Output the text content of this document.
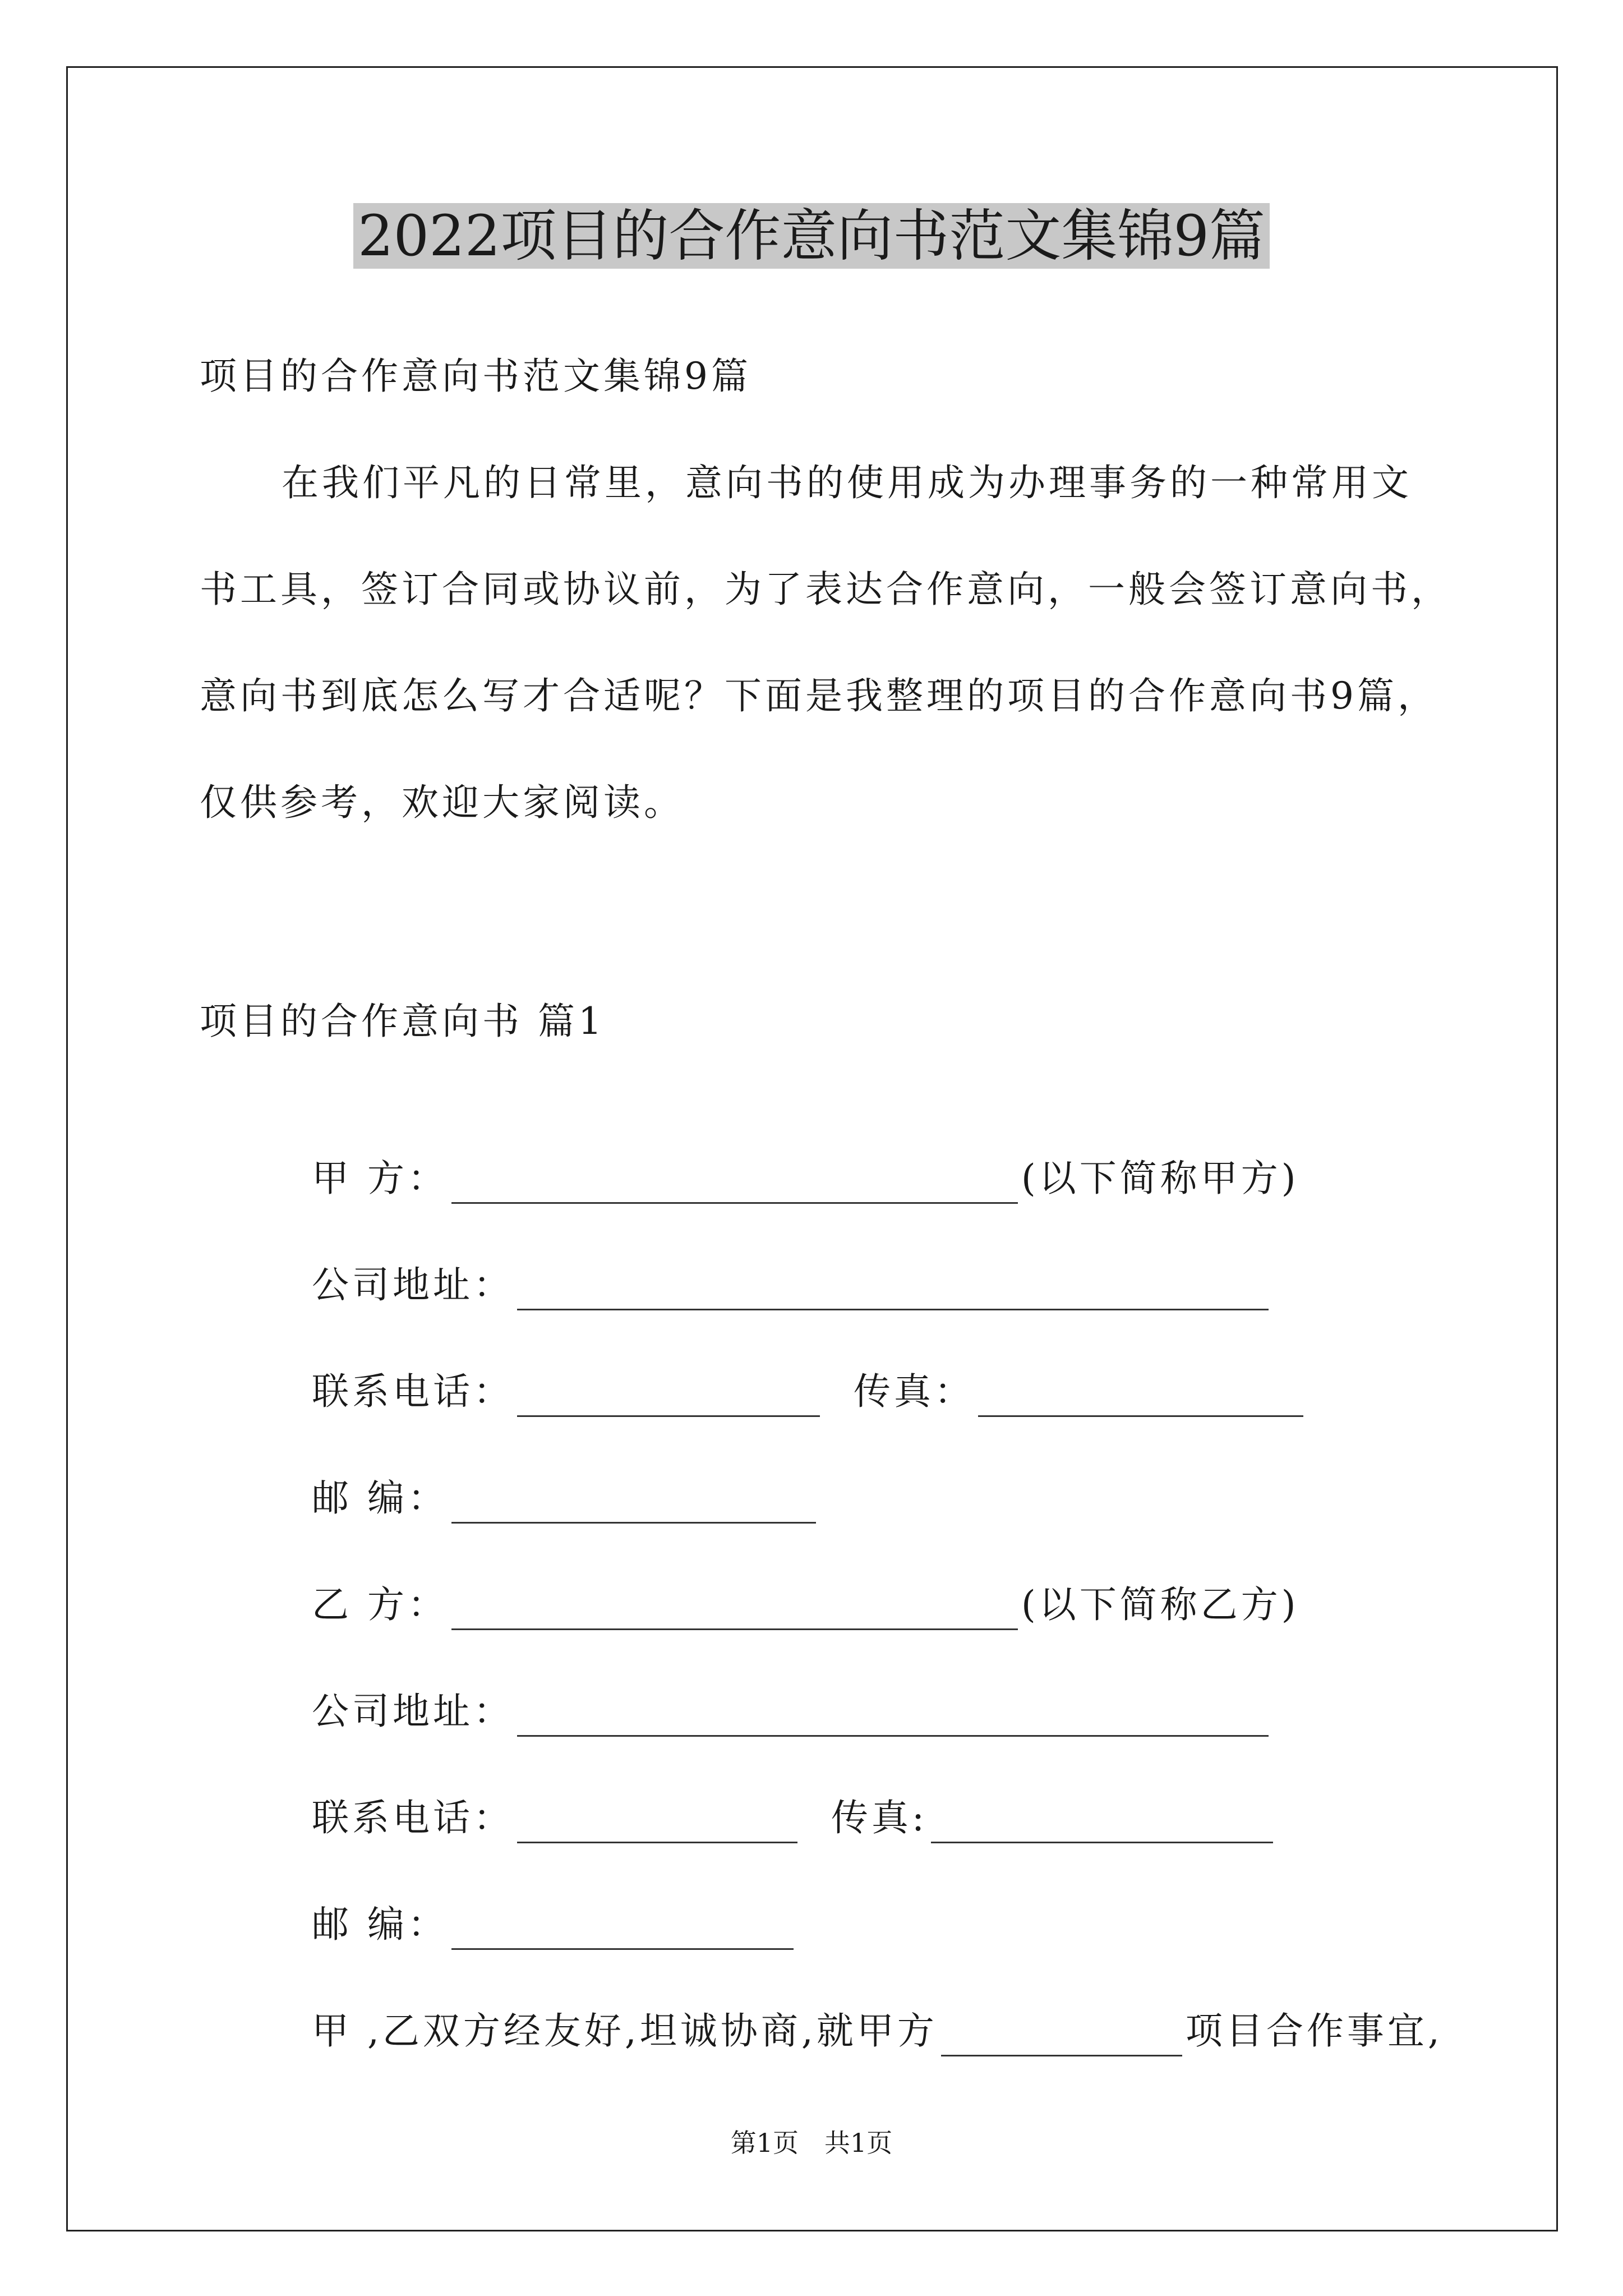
2022项目的合作意向书范文集锦9篇
项目的合作意向书范文集锦9篇
在我们平凡的日常里，意向书的使用成为办理事务的一种常用文
书工具，签订合同或协议前，为了表达合作意向，一般会签订意向书，
意向书到底怎么写才合适呢？下面是我整理的项目的合作意向书9篇，
仅供参考，欢迎大家阅读。
项目的合作意向书 篇1

甲 方：	(以下简称甲方)

公司地址：

联系电话：	传真：

邮 编：

乙 方：	(以下简称乙方)

公司地址：

联系电话：	传真:

邮 编：

甲 ,乙双方经友好,坦诚协商,就甲方	项目合作事宜,

第1页　共1页
